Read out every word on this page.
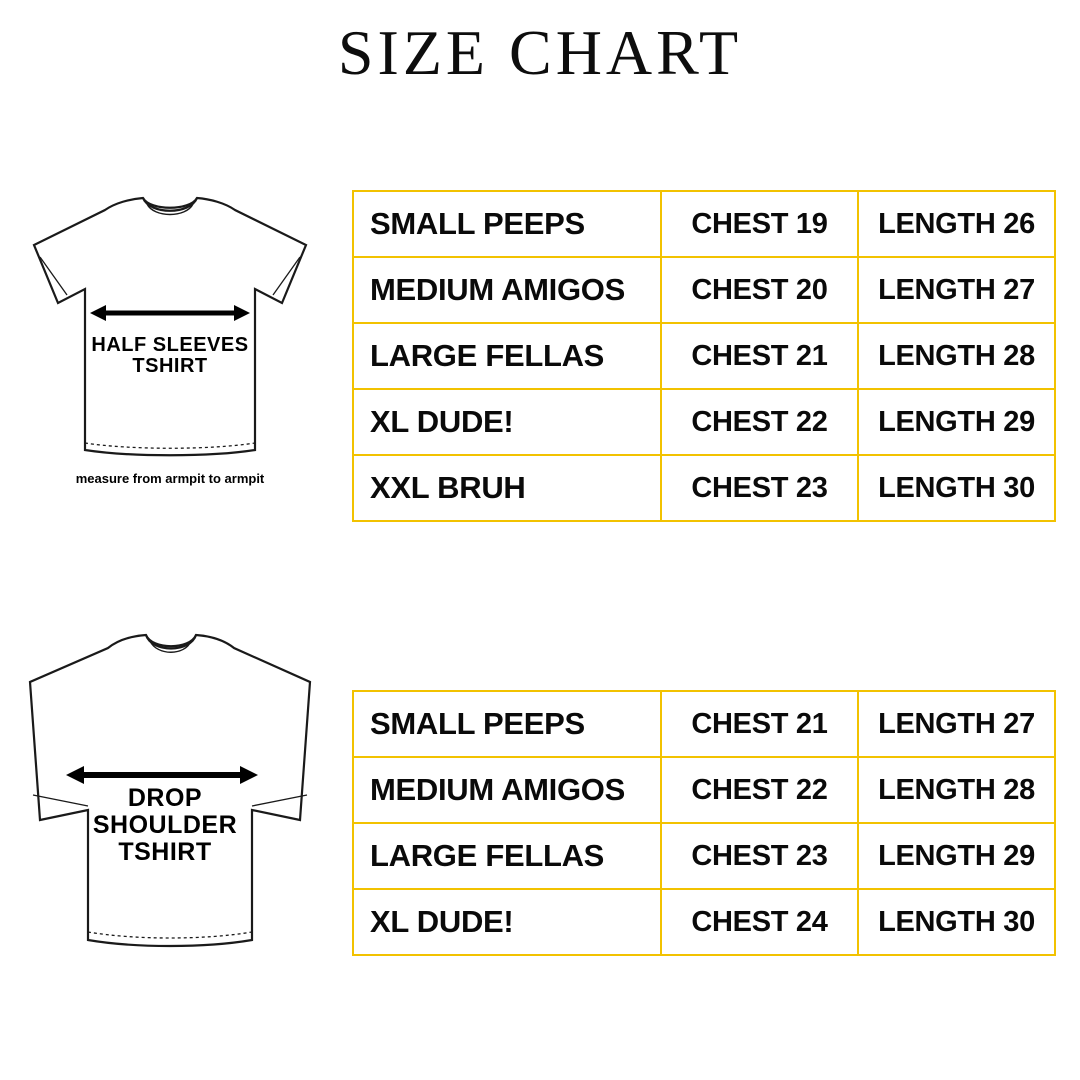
SIZE CHART
HALF SLEEVES
TSHIRT
measure from armpit to armpit
SMALL PEEPS	CHEST 19	LENGTH 26
MEDIUM AMIGOS	CHEST 20	LENGTH 27
LARGE FELLAS	CHEST 21	LENGTH 28
XL DUDE!	CHEST 22	LENGTH 29
XXL BRUH	CHEST 23	LENGTH 30
DROP
SHOULDER
TSHIRT
SMALL PEEPS	CHEST 21	LENGTH 27
MEDIUM AMIGOS	CHEST 22	LENGTH 28
LARGE FELLAS	CHEST 23	LENGTH 29
XL DUDE!	CHEST 24	LENGTH 30
